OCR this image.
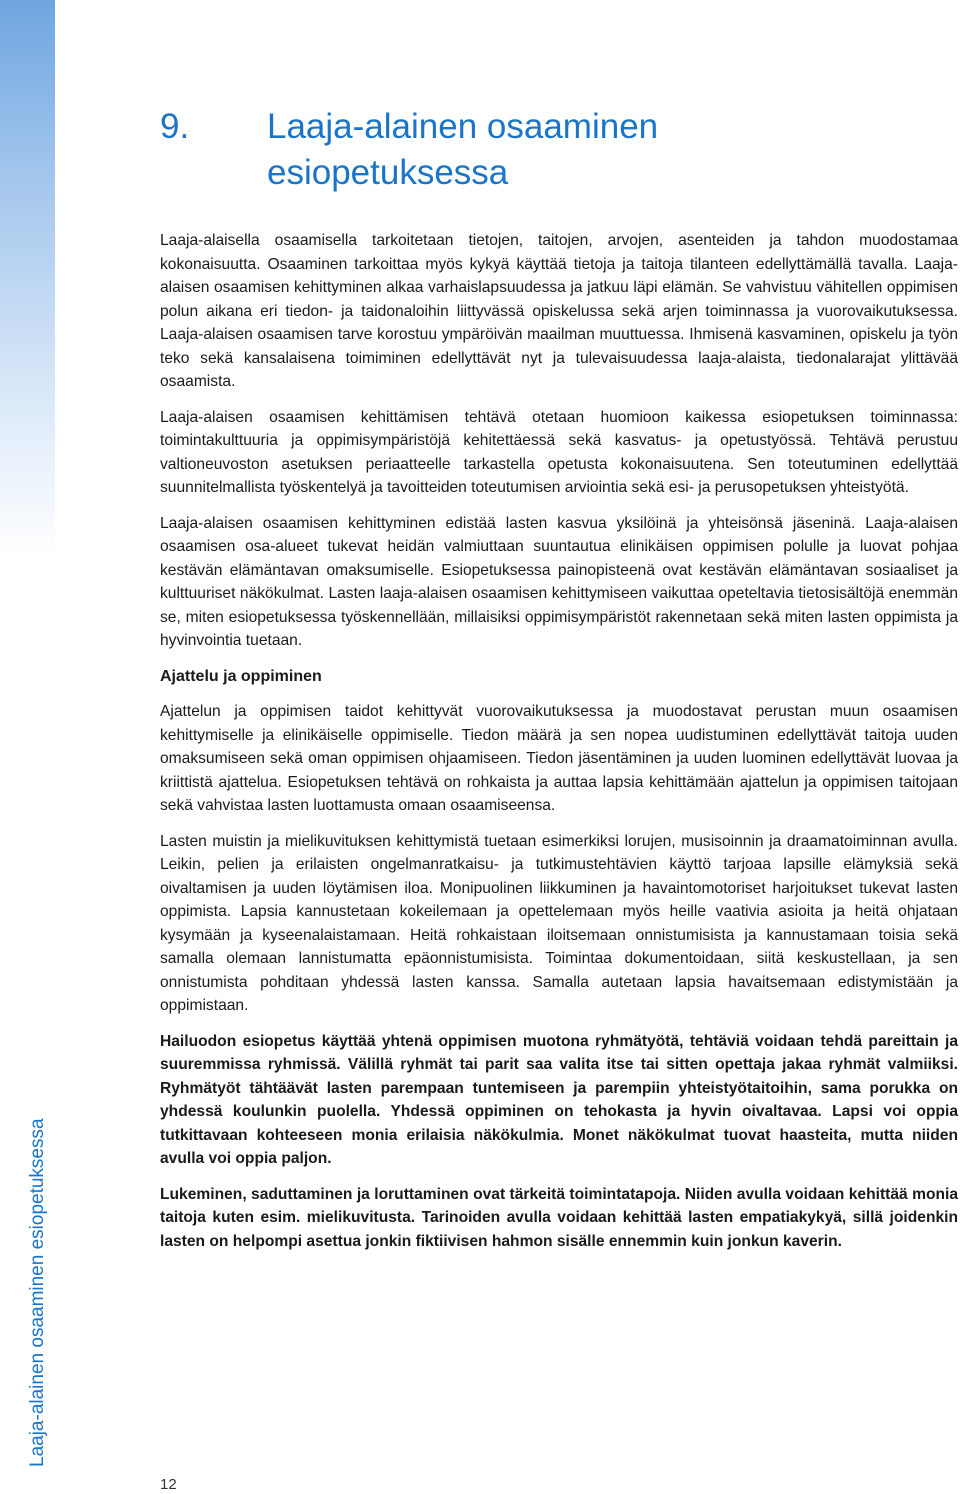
Laaja-alainen osaaminen esiopetuksessa
9.	Laaja-alainen osaaminen
esiopetuksessa

Laaja-alaisella osaamisella tarkoitetaan tietojen, taitojen, arvojen, asenteiden ja tahdon muodostamaa kokonaisuutta. Osaaminen tarkoittaa myös kykyä käyttää tietoja ja taitoja tilanteen edellyttämällä tavalla. Laaja-alaisen osaamisen kehittyminen alkaa varhaislapsuudessa ja jatkuu läpi elämän. Se vahvistuu vähitellen oppimisen polun aikana eri tiedon- ja taidonaloihin liittyvässä opiskelussa sekä arjen toiminnassa ja vuorovaikutuksessa. Laaja-alaisen osaamisen tarve korostuu ympäröivän maailman muuttuessa. Ihmisenä kasvaminen, opiskelu ja työn teko sekä kansalaisena toimiminen edellyttävät nyt ja tulevaisuudessa laaja-alaista, tiedonalarajat ylittävää osaamista.

Laaja-alaisen osaamisen kehittämisen tehtävä otetaan huomioon kaikessa esiopetuksen toiminnassa: toimintakulttuuria ja oppimisympäristöjä kehitettäessä sekä kasvatus- ja opetustyössä. Tehtävä perustuu valtioneuvoston asetuksen periaatteelle tarkastella opetusta kokonaisuutena. Sen toteutuminen edellyttää suunnitelmallista työskentelyä ja tavoitteiden toteutumisen arviointia sekä esi- ja perusopetuksen yhteistyötä.

Laaja-alaisen osaamisen kehittyminen edistää lasten kasvua yksilöinä ja yhteisönsä jäseninä. Laaja-alaisen osaamisen osa-alueet tukevat heidän valmiuttaan suuntautua elinikäisen oppimisen polulle ja luovat pohjaa kestävän elämäntavan omaksumiselle. Esiopetuksessa painopisteenä ovat kestävän elämäntavan sosiaaliset ja kulttuuriset näkökulmat. Lasten laaja-alaisen osaamisen kehittymiseen vaikuttaa opeteltavia tietosisältöjä enemmän se, miten esiopetuksessa työskennellään, millaisiksi oppimisympäristöt rakennetaan sekä miten lasten oppimista ja hyvinvointia tuetaan.

Ajattelu ja oppiminen

Ajattelun ja oppimisen taidot kehittyvät vuorovaikutuksessa ja muodostavat perustan muun osaamisen kehittymiselle ja elinikäiselle oppimiselle. Tiedon määrä ja sen nopea uudistuminen edellyttävät taitoja uuden omaksumiseen sekä oman oppimisen ohjaamiseen. Tiedon jäsentäminen ja uuden luominen edellyttävät luovaa ja kriittistä ajattelua. Esiopetuksen tehtävä on rohkaista ja auttaa lapsia kehittämään ajattelun ja oppimisen taitojaan sekä vahvistaa lasten luottamusta omaan osaamiseensa.

Lasten muistin ja mielikuvituksen kehittymistä tuetaan esimerkiksi lorujen, musisoinnin ja draamatoiminnan avulla. Leikin, pelien ja erilaisten ongelmanratkaisu- ja tutkimustehtävien käyttö tarjoaa lapsille elämyksiä sekä oivaltamisen ja uuden löytämisen iloa. Monipuolinen liikkuminen ja havaintomotoriset harjoitukset tukevat lasten oppimista. Lapsia kannustetaan kokeilemaan ja opettelemaan myös heille vaativia asioita ja heitä ohjataan kysymään ja kyseenalaistamaan. Heitä rohkaistaan iloitsemaan onnistumisista ja kannustamaan toisia sekä samalla olemaan lannistumatta epäonnistumisista. Toimintaa dokumentoidaan, siitä keskustellaan, ja sen onnistumista pohditaan yhdessä lasten kanssa. Samalla autetaan lapsia havaitsemaan edistymistään ja oppimistaan.

Hailuodon esiopetus käyttää yhtenä oppimisen muotona ryhmätyötä, tehtäviä voidaan tehdä pareittain ja suuremmissa ryhmissä. Välillä ryhmät tai parit saa valita itse tai sitten opettaja jakaa ryhmät valmiiksi. Ryhmätyöt tähtäävät lasten parempaan tuntemiseen ja parempiin yhteistyötaitoihin, sama porukka on yhdessä koulunkin puolella. Yhdessä oppiminen on tehokasta ja hyvin oivaltavaa. Lapsi voi oppia tutkittavaan kohteeseen monia erilaisia näkökulmia. Monet näkökulmat tuovat haasteita, mutta niiden avulla voi oppia paljon.

Lukeminen, saduttaminen ja loruttaminen ovat tärkeitä toimintatapoja. Niiden avulla voidaan kehittää monia taitoja kuten esim. mielikuvitusta. Tarinoiden avulla voidaan kehittää lasten empatiakykyä, sillä joidenkin lasten on helpompi asettua jonkin fiktiivisen hahmon sisälle ennemmin kuin jonkun kaverin.

12
